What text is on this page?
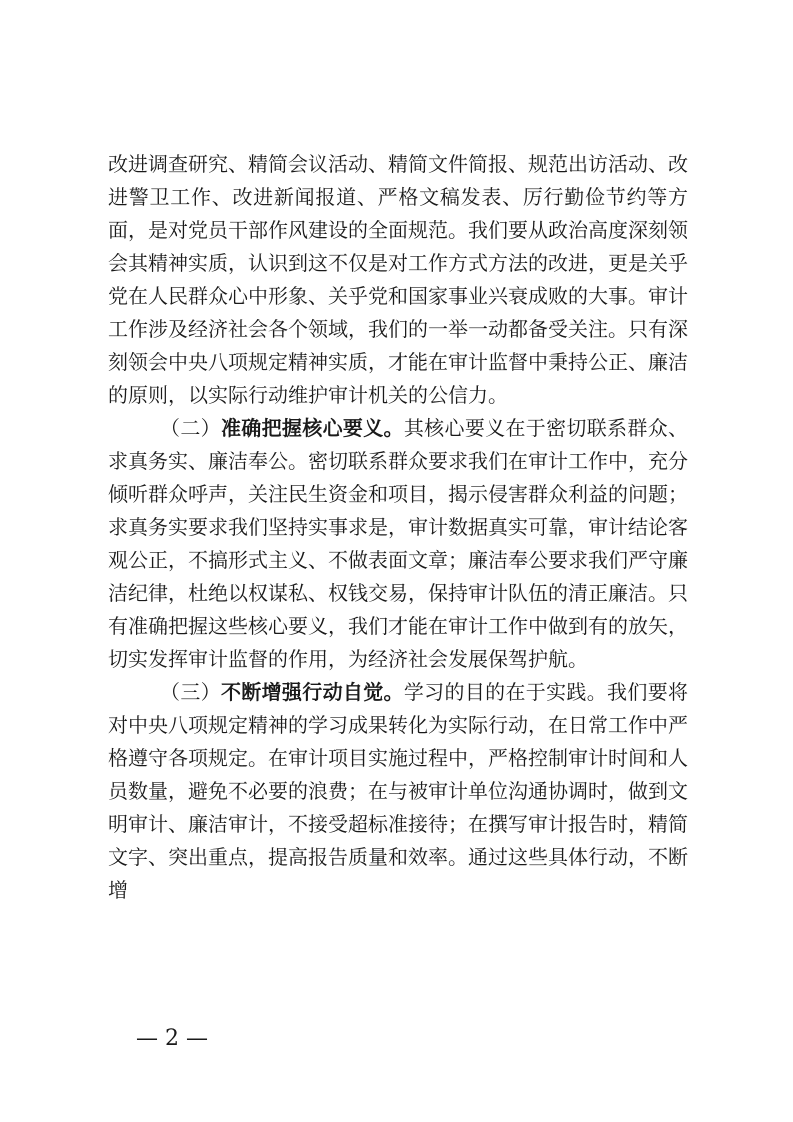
改进调查研究、精简会议活动、精简文件简报、规范出访活动、改进警卫工作、改进新闻报道、严格文稿发表、厉行勤俭节约等方面，是对党员干部作风建设的全面规范。我们要从政治高度深刻领会其精神实质，认识到这不仅是对工作方式方法的改进，更是关乎党在人民群众心中形象、关乎党和国家事业兴衰成败的大事。审计工作涉及经济社会各个领域，我们的一举一动都备受关注。只有深刻领会中央八项规定精神实质，才能在审计监督中秉持公正、廉洁的原则，以实际行动维护审计机关的公信力。

（二）准确把握核心要义。其核心要义在于密切联系群众、求真务实、廉洁奉公。密切联系群众要求我们在审计工作中，充分倾听群众呼声，关注民生资金和项目，揭示侵害群众利益的问题；求真务实要求我们坚持实事求是，审计数据真实可靠，审计结论客观公正，不搞形式主义、不做表面文章；廉洁奉公要求我们严守廉洁纪律，杜绝以权谋私、权钱交易，保持审计队伍的清正廉洁。只有准确把握这些核心要义，我们才能在审计工作中做到有的放矢，切实发挥审计监督的作用，为经济社会发展保驾护航。

（三）不断增强行动自觉。学习的目的在于实践。我们要将对中央八项规定精神的学习成果转化为实际行动，在日常工作中严格遵守各项规定。在审计项目实施过程中，严格控制审计时间和人员数量，避免不必要的浪费；在与被审计单位沟通协调时，做到文明审计、廉洁审计，不接受超标准接待；在撰写审计报告时，精简文字、突出重点，提高报告质量和效率。通过这些具体行动，不断增

— 2 —
